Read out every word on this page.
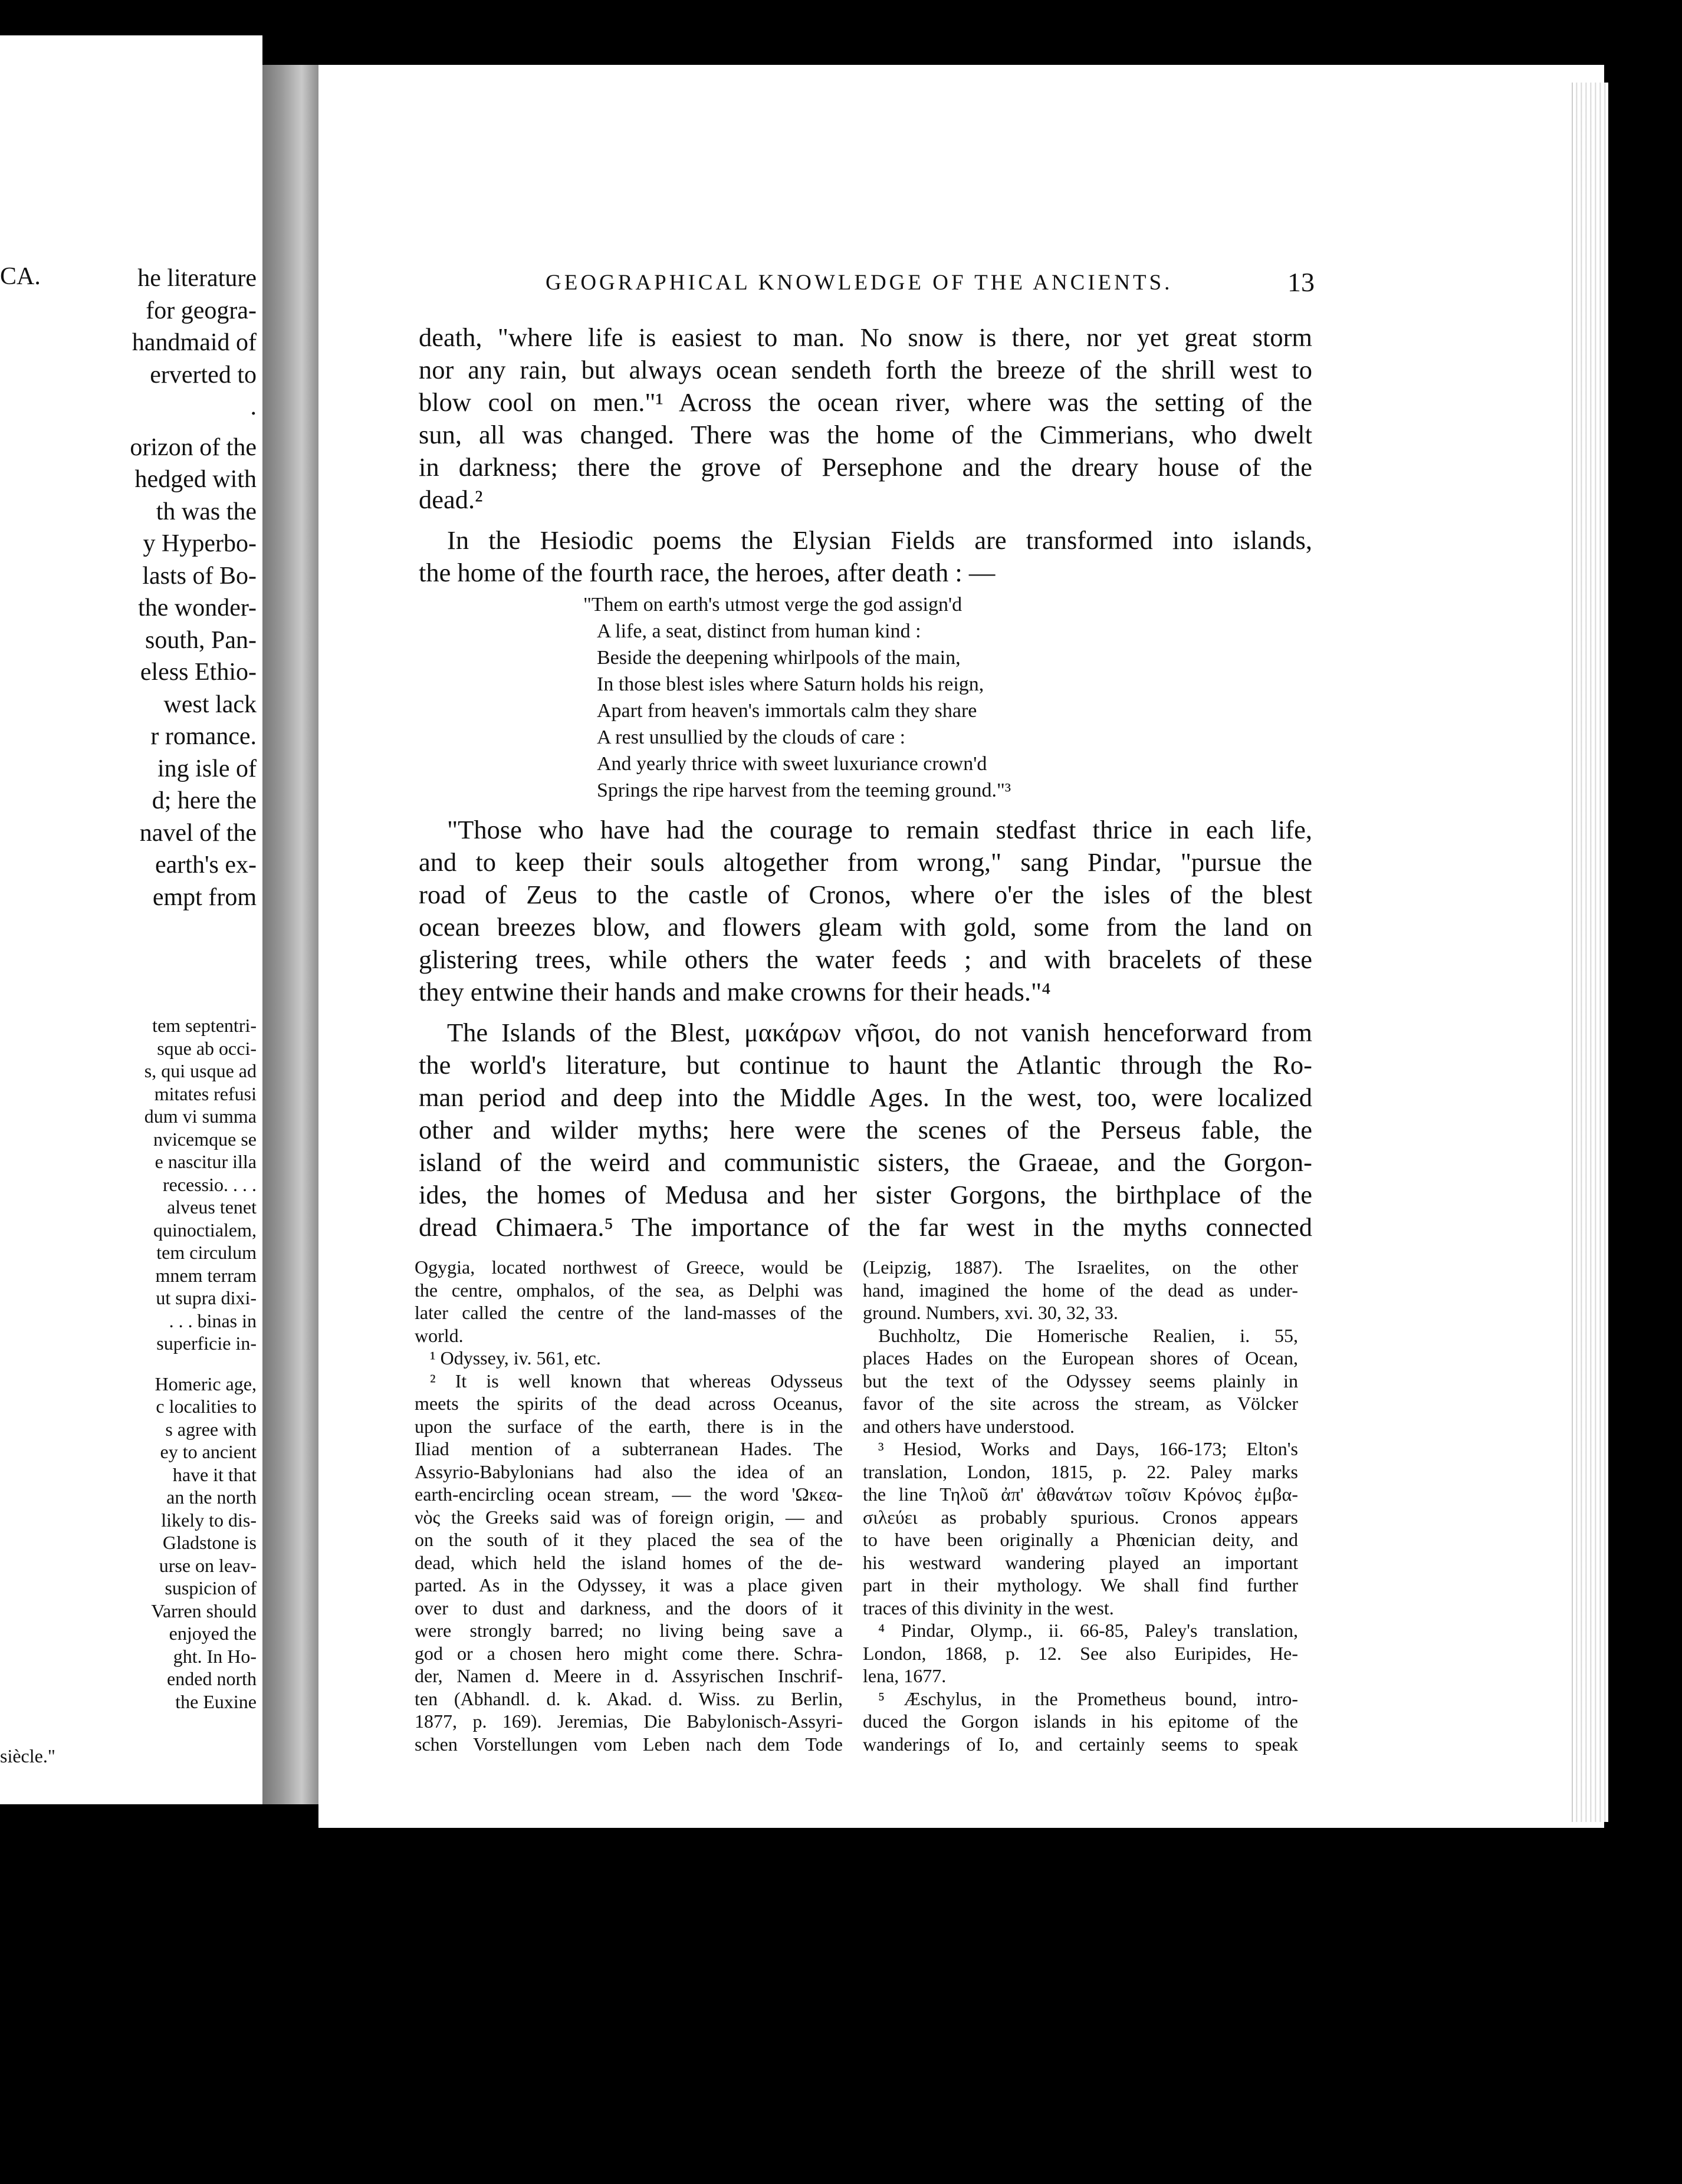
CA.	he literature

for geogra-

handmaid of

erverted to

.

orizon of the

hedged with

th was the

y Hyperbo-

lasts of Bo-

the wonder-

south, Pan-

eless Ethio-

west lack

r romance.

ing isle of

d; here the

navel of the

earth's ex-

empt from

tem septentri-

sque ab occi-

s, qui usque ad

mitates refusi

dum vi summa

nvicemque se

e nascitur illa

recessio. . . .

alveus tenet

quinoctialem,

tem circulum

mnem terram

ut supra dixi-

. . . binas in

superficie in-

Homeric age,

c localities to

s agree with

ey to ancient

have it that

an the north

likely to dis-

Gladstone is

urse on leav-

suspicion of

Varren should

enjoyed the

ght. In Ho-

ended north

the Euxine

siècle."

GEOGRAPHICAL KNOWLEDGE OF THE ANCIENTS.	13

death, "where life is easiest to man. No snow is there, nor yet great storm

nor any rain, but always ocean sendeth forth the breeze of the shrill west to

blow cool on men."¹ Across the ocean river, where was the setting of the

sun, all was changed. There was the home of the Cimmerians, who dwelt

in darkness; there the grove of Persephone and the dreary house of the

dead.²

In the Hesiodic poems the Elysian Fields are transformed into islands,

the home of the fourth race, the heroes, after death : —

"Them on earth's utmost verge the god assign'd

A life, a seat, distinct from human kind :

Beside the deepening whirlpools of the main,

In those blest isles where Saturn holds his reign,

Apart from heaven's immortals calm they share

A rest unsullied by the clouds of care :

And yearly thrice with sweet luxuriance crown'd

Springs the ripe harvest from the teeming ground."³

"Those who have had the courage to remain stedfast thrice in each life,

and to keep their souls altogether from wrong," sang Pindar, "pursue the

road of Zeus to the castle of Cronos, where o'er the isles of the blest

ocean breezes blow, and flowers gleam with gold, some from the land on

glistering trees, while others the water feeds ; and with bracelets of these

they entwine their hands and make crowns for their heads."⁴

The Islands of the Blest, μακάρων νῆσοι, do not vanish henceforward from

the world's literature, but continue to haunt the Atlantic through the Ro-

man period and deep into the Middle Ages. In the west, too, were localized

other and wilder myths; here were the scenes of the Perseus fable, the

island of the weird and communistic sisters, the Graeae, and the Gorgon-

ides, the homes of Medusa and her sister Gorgons, the birthplace of the

dread Chimaera.⁵ The importance of the far west in the myths connected

Ogygia, located northwest of Greece, would be

the centre, omphalos, of the sea, as Delphi was

later called the centre of the land-masses of the

world.

¹ Odyssey, iv. 561, etc.

² It is well known that whereas Odysseus

meets the spirits of the dead across Oceanus,

upon the surface of the earth, there is in the

Iliad mention of a subterranean Hades. The

Assyrio-Babylonians had also the idea of an

earth-encircling ocean stream, — the word 'Ωκεα-

νὸς the Greeks said was of foreign origin, — and

on the south of it they placed the sea of the

dead, which held the island homes of the de-

parted. As in the Odyssey, it was a place given

over to dust and darkness, and the doors of it

were strongly barred; no living being save a

god or a chosen hero might come there. Schra-

der, Namen d. Meere in d. Assyrischen Inschrif-

ten (Abhandl. d. k. Akad. d. Wiss. zu Berlin,

1877, p. 169). Jeremias, Die Babylonisch-Assyri-

schen Vorstellungen vom Leben nach dem Tode

(Leipzig, 1887). The Israelites, on the other

hand, imagined the home of the dead as under-

ground. Numbers, xvi. 30, 32, 33.

Buchholtz, Die Homerische Realien, i. 55,

places Hades on the European shores of Ocean,

but the text of the Odyssey seems plainly in

favor of the site across the stream, as Völcker

and others have understood.

³ Hesiod, Works and Days, 166-173; Elton's

translation, London, 1815, p. 22. Paley marks

the line Τηλοῦ ἀπ' ἀθανάτων τοῖσιν Κρόνος ἐμβα-

σιλεύει as probably spurious. Cronos appears

to have been originally a Phœnician deity, and

his westward wandering played an important

part in their mythology. We shall find further

traces of this divinity in the west.

⁴ Pindar, Olymp., ii. 66-85, Paley's translation,

London, 1868, p. 12. See also Euripides, He-

lena, 1677.

⁵ Æschylus, in the Prometheus bound, intro-

duced the Gorgon islands in his epitome of the

wanderings of Io, and certainly seems to speak
